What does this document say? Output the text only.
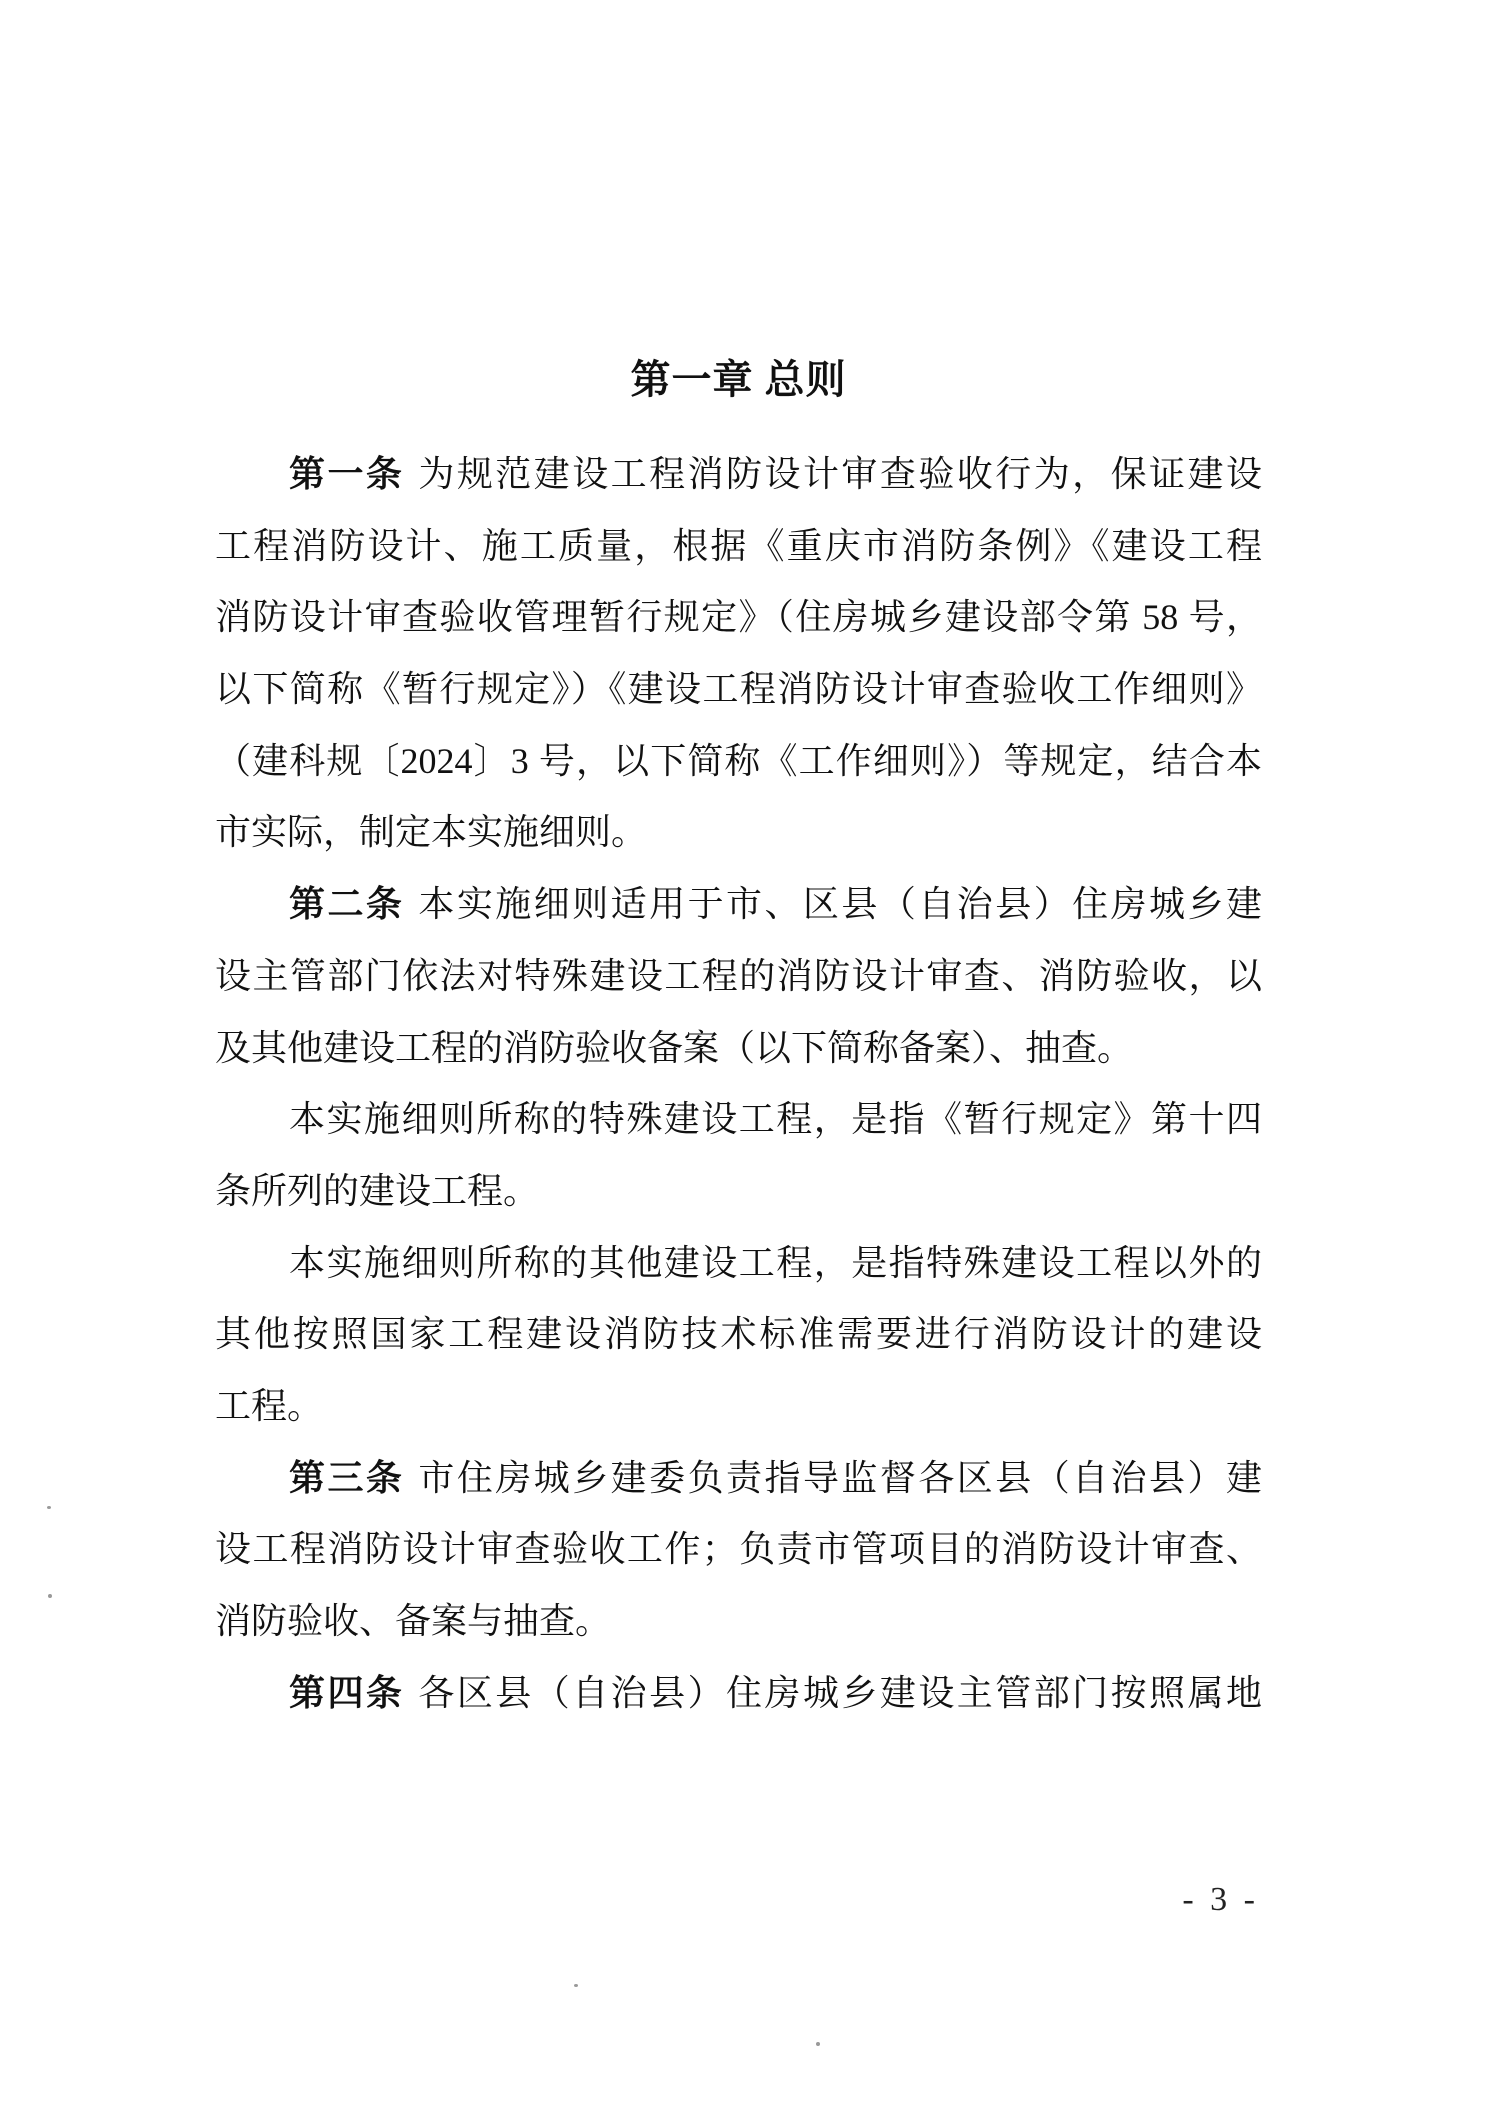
第一章 总则
第一条 为规范建设工程消防设计审查验收行为，保证建设
工程消防设计、施工质量，根据《重庆市消防条例》《建设工程
消防设计审查验收管理暂行规定》（住房城乡建设部令第 58 号，
以下简称《暂行规定》）《建设工程消防设计审查验收工作细则》
（建科规〔2024〕3 号，以下简称《工作细则》）等规定，结合本
市实际，制定本实施细则。
第二条 本实施细则适用于市、区县（自治县）住房城乡建
设主管部门依法对特殊建设工程的消防设计审查、消防验收，以
及其他建设工程的消防验收备案（以下简称备案）、抽查。
本实施细则所称的特殊建设工程，是指《暂行规定》第十四
条所列的建设工程。
本实施细则所称的其他建设工程，是指特殊建设工程以外的
其他按照国家工程建设消防技术标准需要进行消防设计的建设
工程。
第三条 市住房城乡建委负责指导监督各区县（自治县）建
设工程消防设计审查验收工作；负责市管项目的消防设计审查、
消防验收、备案与抽查。
第四条 各区县（自治县）住房城乡建设主管部门按照属地
- 3 -
